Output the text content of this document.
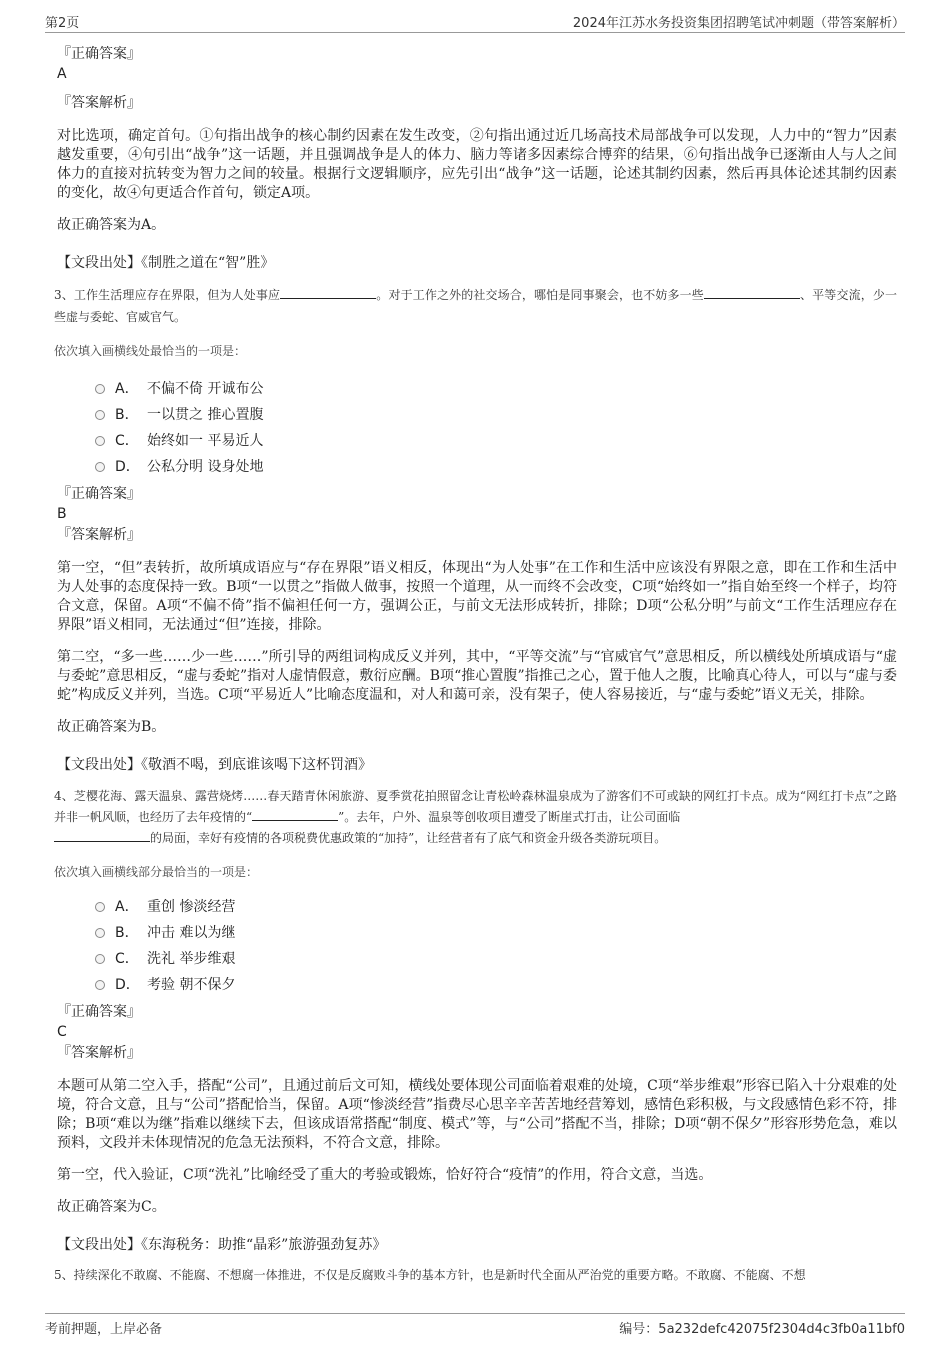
第2页	2024年江苏水务投资集团招聘笔试冲刺题（带答案解析）

『正确答案』

A

『答案解析』

对比选项，确定首句。①句指出战争的核心制约因素在发生改变，②句指出通过近几场高技术局部战争可以发现，人力中的“智力”因素越发重要，④句引出“战争”这一话题，并且强调战争是人的体力、脑力等诸多因素综合博弈的结果，⑥句指出战争已逐渐由人与人之间体力的直接对抗转变为智力之间的较量。根据行文逻辑顺序，应先引出“战争”这一话题，论述其制约因素，然后再具体论述其制约因素的变化，故④句更适合作首句，锁定A项。

故正确答案为A。

【文段出处】《制胜之道在“智”胜》

3、工作生活理应存在界限，但为人处事应	。对于工作之外的社交场合，哪怕是同事聚会，也不妨多一些	、平等交流，少一些虚与委蛇、官威官气。

依次填入画横线处最恰当的一项是：

A． 不偏不倚 开诚布公
B． 一以贯之 推心置腹
C． 始终如一 平易近人
D． 公私分明 设身处地

『正确答案』

B

『答案解析』

第一空，“但”表转折，故所填成语应与“存在界限”语义相反，体现出“为人处事”在工作和生活中应该没有界限之意，即在工作和生活中为人处事的态度保持一致。B项“一以贯之”指做人做事，按照一个道理，从一而终不会改变，C项“始终如一”指自始至终一个样子，均符合文意，保留。A项“不偏不倚”指不偏袒任何一方，强调公正，与前文无法形成转折，排除；D项“公私分明”与前文“工作生活理应存在界限”语义相同，无法通过“但”连接，排除。

第二空，“多一些……少一些……”所引导的两组词构成反义并列，其中，“平等交流”与“官威官气”意思相反，所以横线处所填成语与“虚与委蛇”意思相反，“虚与委蛇”指对人虚情假意，敷衍应酬。B项“推心置腹”指推己之心，置于他人之腹，比喻真心待人，可以与“虚与委蛇”构成反义并列，当选。C项“平易近人”比喻态度温和，对人和蔼可亲，没有架子，使人容易接近，与“虚与委蛇”语义无关，排除。

故正确答案为B。

【文段出处】《敬酒不喝，到底谁该喝下这杯罚酒》

4、芝樱花海、露天温泉、露营烧烤……春天踏青休闲旅游、夏季赏花拍照留念让青松岭森林温泉成为了游客们不可或缺的网红打卡点。成为“网红打卡点”之路并非一帆风顺，也经历了去年疫情的“	”。去年，户外、温泉等创收项目遭受了断崖式打击，让公司面临
的局面，幸好有疫情的各项税费优惠政策的“加持”，让经营者有了底气和资金升级各类游玩项目。

依次填入画横线部分最恰当的一项是：

A． 重创 惨淡经营
B． 冲击 难以为继
C． 洗礼 举步维艰
D． 考验 朝不保夕

『正确答案』

C

『答案解析』

本题可从第二空入手，搭配“公司”，且通过前后文可知，横线处要体现公司面临着艰难的处境，C项“举步维艰”形容已陷入十分艰难的处境，符合文意，且与“公司”搭配恰当，保留。A项“惨淡经营”指费尽心思辛辛苦苦地经营筹划，感情色彩积极，与文段感情色彩不符，排除；B项“难以为继”指难以继续下去，但该成语常搭配“制度、模式”等，与“公司”搭配不当，排除；D项“朝不保夕”形容形势危急，难以预料，文段并未体现情况的危急无法预料，不符合文意，排除。

第一空，代入验证，C项“洗礼”比喻经受了重大的考验或锻炼，恰好符合“疫情”的作用，符合文意，当选。

故正确答案为C。

【文段出处】《东海税务：助推“晶彩”旅游强劲复苏》

5、持续深化不敢腐、不能腐、不想腐一体推进，不仅是反腐败斗争的基本方针，也是新时代全面从严治党的重要方略。不敢腐、不能腐、不想

考前押题，上岸必备	编号：5a232defc42075f2304d4c3fb0a11bf0
